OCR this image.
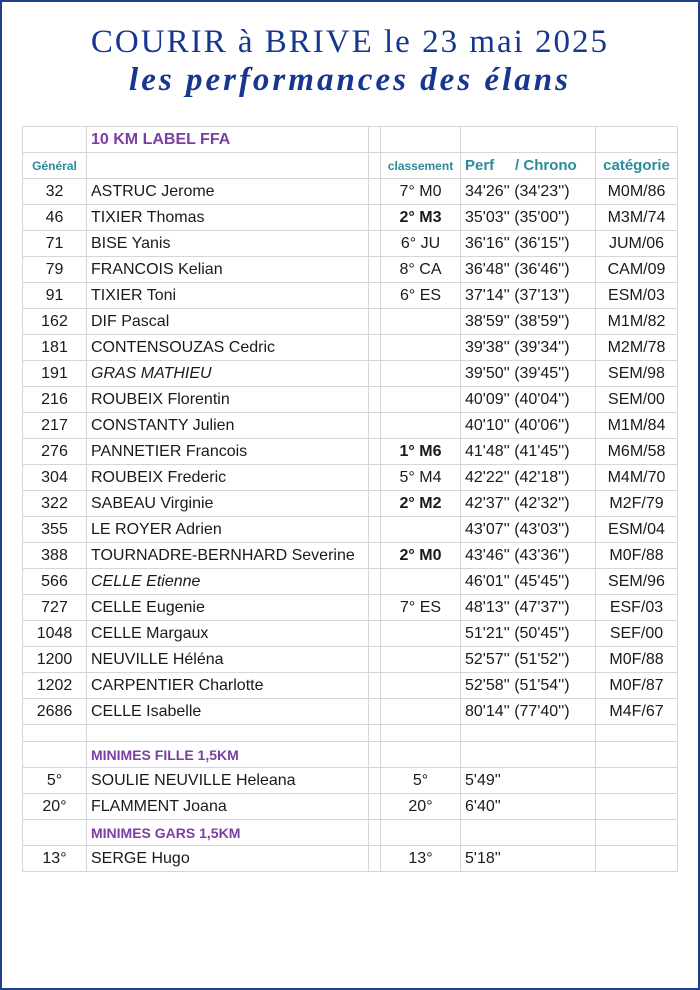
COURIR à BRIVE le 23 mai 2025
les performances des élans
	10 KM LABEL FFA				
Général			classement	Perf / Chrono	catégorie
32	ASTRUC Jerome		7° M0	34'26'' (34'23'')	M0M/86
46	TIXIER Thomas		2° M3	35'03'' (35'00'')	M3M/74
71	BISE Yanis		6° JU	36'16'' (36'15'')	JUM/06
79	FRANCOIS Kelian		8° CA	36'48'' (36'46'')	CAM/09
91	TIXIER Toni		6° ES	37'14'' (37'13'')	ESM/03
162	DIF Pascal			38'59'' (38'59'')	M1M/82
181	CONTENSOUZAS Cedric			39'38'' (39'34'')	M2M/78
191	GRAS MATHIEU			39'50'' (39'45'')	SEM/98
216	ROUBEIX Florentin			40'09'' (40'04'')	SEM/00
217	CONSTANTY Julien			40'10'' (40'06'')	M1M/84
276	PANNETIER Francois		1° M6	41'48'' (41'45'')	M6M/58
304	ROUBEIX Frederic		5° M4	42'22'' (42'18'')	M4M/70
322	SABEAU Virginie		2° M2	42'37'' (42'32'')	M2F/79
355	LE ROYER Adrien			43'07'' (43'03'')	ESM/04
388	TOURNADRE-BERNHARD Severine		2° M0	43'46'' (43'36'')	M0F/88
566	CELLE Etienne			46'01'' (45'45'')	SEM/96
727	CELLE Eugenie		7° ES	48'13'' (47'37'')	ESF/03
1048	CELLE Margaux			51'21'' (50'45'')	SEF/00
1200	NEUVILLE Héléna			52'57'' (51'52'')	M0F/88
1202	CARPENTIER Charlotte			52'58'' (51'54'')	M0F/87
2686	CELLE Isabelle			80'14'' (77'40'')	M4F/67

	MINIMES FILLE 1,5KM				
5°	SOULIE NEUVILLE Heleana		5°	5'49''	
20°	FLAMMENT Joana		20°	6'40''	
	MINIMES GARS 1,5KM				
13°	SERGE Hugo		13°	5'18''	
